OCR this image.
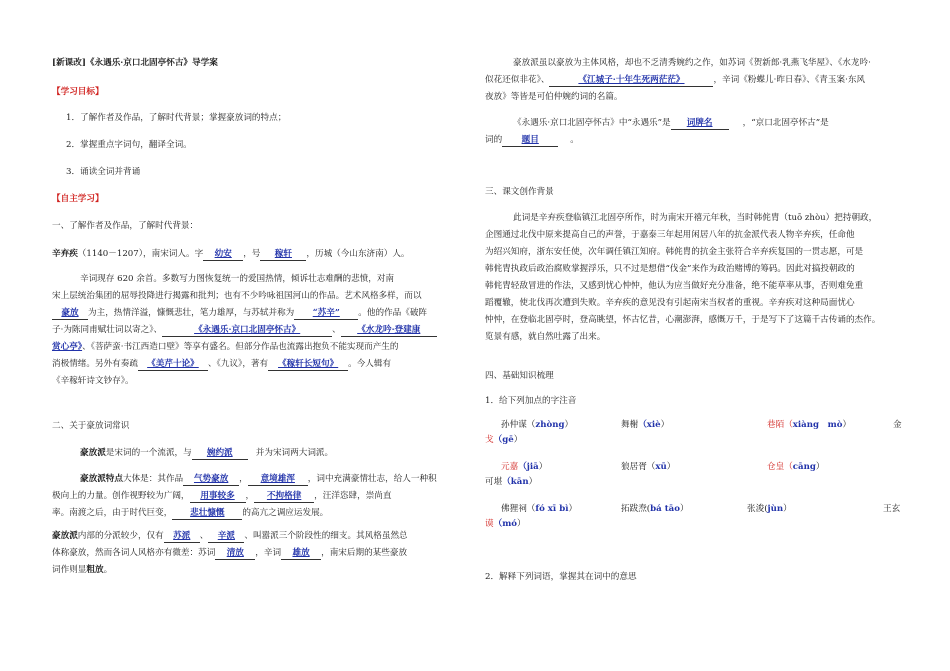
[新课改]《永遇乐·京口北固亭怀古》导学案
【学习目标】
1．了解作者及作品，了解时代背景；掌握豪放词的特点；
2．掌握重点字词句，翻译全词。
3．诵读全词并背诵
【自主学习】
一、了解作者及作品，了解时代背景：
辛弃疾（1140－1207），南宋词人。字 幼安 ，号 稼轩 ，历城（今山东济南）人。
辛词现存 620 余首。多数写力图恢复统一的爱国热情，倾诉壮志难酬的悲愤，对南
宋上层统治集团的屈辱投降进行揭露和批判；也有不少吟咏祖国河山的作品。艺术风格多样，而以
豪放 为主，热情洋溢，慷慨悲壮，笔力雄厚，与苏轼并称为 “苏辛” 。他的作品《破阵
子·为陈同甫赋壮词以寄之》、	《永遇乐·京口北固亭怀古》	、 《水龙吟·登建康
赏心亭》、《菩萨蛮·书江西造口壁》等享有盛名。但部分作品也流露出抱负不能实现而产生的
消极情绪。另外有奏疏 《美芹十论》 、《九议》，著有 《稼轩长短句》 。今人辑有
《辛稼轩诗文钞存》。
二、关于豪放词常识
豪放派是宋词的一个流派，与 婉约派	并为宋词两大词派。
豪放派特点大体是：其作品 气势豪放 ， 意境雄浑 ，词中充满豪情壮志，给人一种积
极向上的力量。创作视野较为广阔， 用事较多 ， 不拘格律 ，汪洋恣肆，崇尚直
率。南渡之后，由于时代巨变， 悲壮慷慨 的高亢之调应运发展。
豪放派内部的分派较少，仅有 苏派 、 辛派 、叫嚣派三个阶段性的细支。其风格虽然总
体称豪放，然而各词人风格亦有微差：苏词 清放 ，辛词 雄放 ，南宋后期的某些豪放
词作则显粗放。
豪放派虽以豪放为主体风格，却也不乏清秀婉约之作，如苏词《贺新郎·乳燕飞华屋》、《水龙吟·
似花还似非花》、	《江城子·十年生死两茫茫》	，辛词《粉蝶儿·昨日春》、《青玉案·东风
夜放》等皆是可伯仲婉约词的名篇。
《永遇乐·京口北固亭怀古》中“永遇乐”是 词牌名	，“京口北固亭怀古”是
词的 题目	。
三、课文创作背景
此词是辛弃疾登临镇江北固亭所作，时为南宋开禧元年秋，当时韩侂胄（tuō zhòu）把持朝政，
企图通过北伐中原来提高自己的声誉，于嘉泰三年起用闲居八年的抗金派代表人物辛弃疾，任命他
为绍兴知府，浙东安任使，次年调任镇江知府。韩侂胄的抗金主张符合辛弃疾复国的一贯志愿，可是
韩侂胄执政后政治腐败掌握浮乐，只不过是想借“伐金”来作为政治赌博的筹码。因此对搞投朝政的
韩侂胄轻敌冒进的作法，又感到忧心忡忡，他认为应当做好充分准备，绝不能草率从事，否则难免重
蹈覆辙，使北伐再次遭到失败。辛弃疾的意见没有引起南宋当权者的重视。辛弃疾对这种局面忧心
忡忡，在登临北固亭时，登高眺望，怀古忆昔，心潮澎湃，感慨万千，于是写下了这篇千古传诵的杰作。
览景有感，就自然吐露了出来。
四、基础知识梳理
1．给下列加点的字注音
孙仲谋（zhòng）	舞榭（xiè）	巷陌（xiàng　mò）	金
戈（gē）
元嘉（jiā）	狼居胥（xū）	仓皇（cāng）
可堪（kān）
佛狸祠（fó xī bì）	拓跋焘(bá tāo）	张浚(jùn）	王玄
谟（mó）
2．解释下列词语，掌握其在词中的意思
